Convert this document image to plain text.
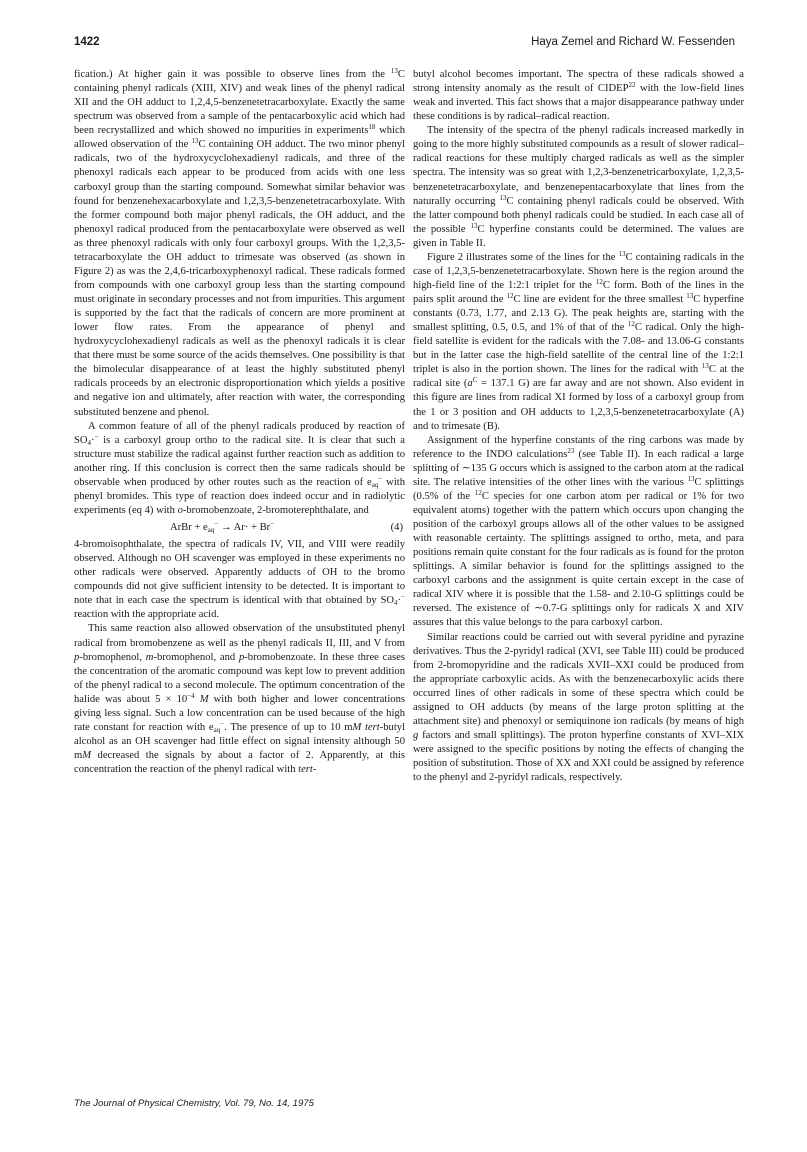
1422	Haya Zemel and Richard W. Fessenden

fication.) At higher gain it was possible to observe lines from the $^{13}$C containing phenyl radicals (XIII, XIV) and weak lines of the phenyl radical XII and the OH adduct to 1,2,4,5-benzenetetracarboxylate. Exactly the same spectrum was observed from a sample of the pentacarboxylic acid which had been recrystallized and which showed no impurities in experiments$^{18}$ which allowed observation of the $^{13}$C containing OH adduct. The two minor phenyl radicals, two of the hydroxycyclohexadienyl radicals, and three of the phenoxyl radicals each appear to be produced from acids with one less carboxyl group than the starting compound. Somewhat similar behavior was found for benzenehexacarboxylate and 1,2,3,5-benzenetetracarboxylate. With the former compound both major phenyl radicals, the OH adduct, and the phenoxyl radical produced from the pentacarboxylate were observed as well as three phenoxyl radicals with only four carboxyl groups. With the 1,2,3,5-tetracarboxylate the OH adduct to trimesate was observed (as shown in Figure 2) as was the 2,4,6-tricarboxyphenoxyl radical. These radicals formed from compounds with one carboxyl group less than the starting compound must originate in secondary processes and not from impurities. This argument is supported by the fact that the radicals of concern are more prominent at lower flow rates. From the appearance of phenyl and hydroxycyclohexadienyl radicals as well as the phenoxyl radicals it is clear that there must be some source of the acids themselves. One possibility is that the bimolecular disappearance of at least the highly substituted phenyl radicals proceeds by an electronic disproportionation which yields a positive and negative ion and ultimately, after reaction with water, the corresponding substituted benzene and phenol.

A common feature of all of the phenyl radicals produced by reaction of $SO_4\cdot^-$ is a carboxyl group ortho to the radical site. It is clear that such a structure must stabilize the radical against further reaction such as addition to another ring. If this conclusion is correct then the same radicals should be observable when produced by other routes such as the reaction of $e_{aq}^-$ with phenyl bromides. This type of reaction does indeed occur and in radiolytic experiments (eq 4) with o-bromobenzoate, 2-bromoterephthalate, and

ArBr + $e_{aq}^- \to Ar\cdot + Br^-$	(4)

4-bromoisophthalate, the spectra of radicals IV, VII, and VIII were readily observed. Although no OH scavenger was employed in these experiments no other radicals were observed. Apparently adducts of OH to the bromo compounds did not give sufficient intensity to be detected. It is important to note that in each case the spectrum is identical with that obtained by $SO_4\cdot^-$ reaction with the appropriate acid.

This same reaction also allowed observation of the unsubstituted phenyl radical from bromobenzene as well as the phenyl radicals II, III, and V from p-bromophenol, m-bromophenol, and p-bromobenzoate. In these three cases the concentration of the aromatic compound was kept low to prevent addition of the phenyl radical to a second molecule. The optimum concentration of the halide was about $5 \times 10^{-4}$ M with both higher and lower concentrations giving less signal. Such a low concentration can be used because of the high rate constant for reaction with $e_{aq}^-$. The presence of up to 10 mM tert-butyl alcohol as an OH scavenger had little effect on signal intensity although 50 mM decreased the signals by about a factor of 2. Apparently, at this concentration the reaction of the phenyl radical with tert-

butyl alcohol becomes important. The spectra of these radicals showed a strong intensity anomaly as the result of CIDEP$^{22}$ with the low-field lines weak and inverted. This fact shows that a major disappearance pathway under these conditions is by radical–radical reaction.

The intensity of the spectra of the phenyl radicals increased markedly in going to the more highly substituted compounds as a result of slower radical–radical reactions for these multiply charged radicals as well as the simpler spectra. The intensity was so great with 1,2,3-benzenetricarboxylate, 1,2,3,5-benzenetetracarboxylate, and benzenepentacarboxylate that lines from the naturally occurring $^{13}$C containing phenyl radicals could be observed. With the latter compound both phenyl radicals could be studied. In each case all of the possible $^{13}$C hyperfine constants could be determined. The values are given in Table II.

Figure 2 illustrates some of the lines for the $^{13}$C containing radicals in the case of 1,2,3,5-benzenetetracarboxylate. Shown here is the region around the high-field line of the 1:2:1 triplet for the $^{12}$C form. Both of the lines in the pairs split around the $^{12}$C line are evident for the three smallest $^{13}$C hyperfine constants (0.73, 1.77, and 2.13 G). The peak heights are, starting with the smallest splitting, 0.5, 0.5, and 1% of that of the $^{12}$C radical. Only the high-field satellite is evident for the radicals with the 7.08- and 13.06-G constants but in the latter case the high-field satellite of the central line of the 1:2:1 triplet is also in the portion shown. The lines for the radical with $^{13}$C at the radical site ($a^C = 137.1$ G) are far away and are not shown. Also evident in this figure are lines from radical XI formed by loss of a carboxyl group from the 1 or 3 position and OH adducts to 1,2,3,5-benzenetetracarboxylate (A) and to trimesate (B).

Assignment of the hyperfine constants of the ring carbons was made by reference to the INDO calculations$^{23}$ (see Table II). In each radical a large splitting of ∼135 G occurs which is assigned to the carbon atom at the radical site. The relative intensities of the other lines with the various $^{13}$C splittings (0.5% of the $^{12}$C species for one carbon atom per radical or 1% for two equivalent atoms) together with the pattern which occurs upon changing the position of the carboxyl groups allows all of the other values to be assigned with reasonable certainty. The splittings assigned to ortho, meta, and para positions remain quite constant for the four radicals as is found for the proton splittings. A similar behavior is found for the splittings assigned to the carboxyl carbons and the assignment is quite certain except in the case of radical XIV where it is possible that the 1.58- and 2.10-G splittings could be reversed. The existence of ∼0.7-G splittings only for radicals X and XIV assures that this value belongs to the para carboxyl carbon.

Similar reactions could be carried out with several pyridine and pyrazine derivatives. Thus the 2-pyridyl radical (XVI, see Table III) could be produced from 2-bromopyridine and the radicals XVII–XXI could be produced from the appropriate carboxylic acids. As with the benzenecarboxylic acids there occurred lines of other radicals in some of these spectra which could be assigned to OH adducts (by means of the large proton splitting at the attachment site) and phenoxyl or semiquinone ion radicals (by means of high g factors and small splittings). The proton hyperfine constants of XVI–XIX were assigned to the specific positions by noting the effects of changing the position of substitution. Those of XX and XXI could be assigned by reference to the phenyl and 2-pyridyl radicals, respectively.

The Journal of Physical Chemistry, Vol. 79, No. 14, 1975
